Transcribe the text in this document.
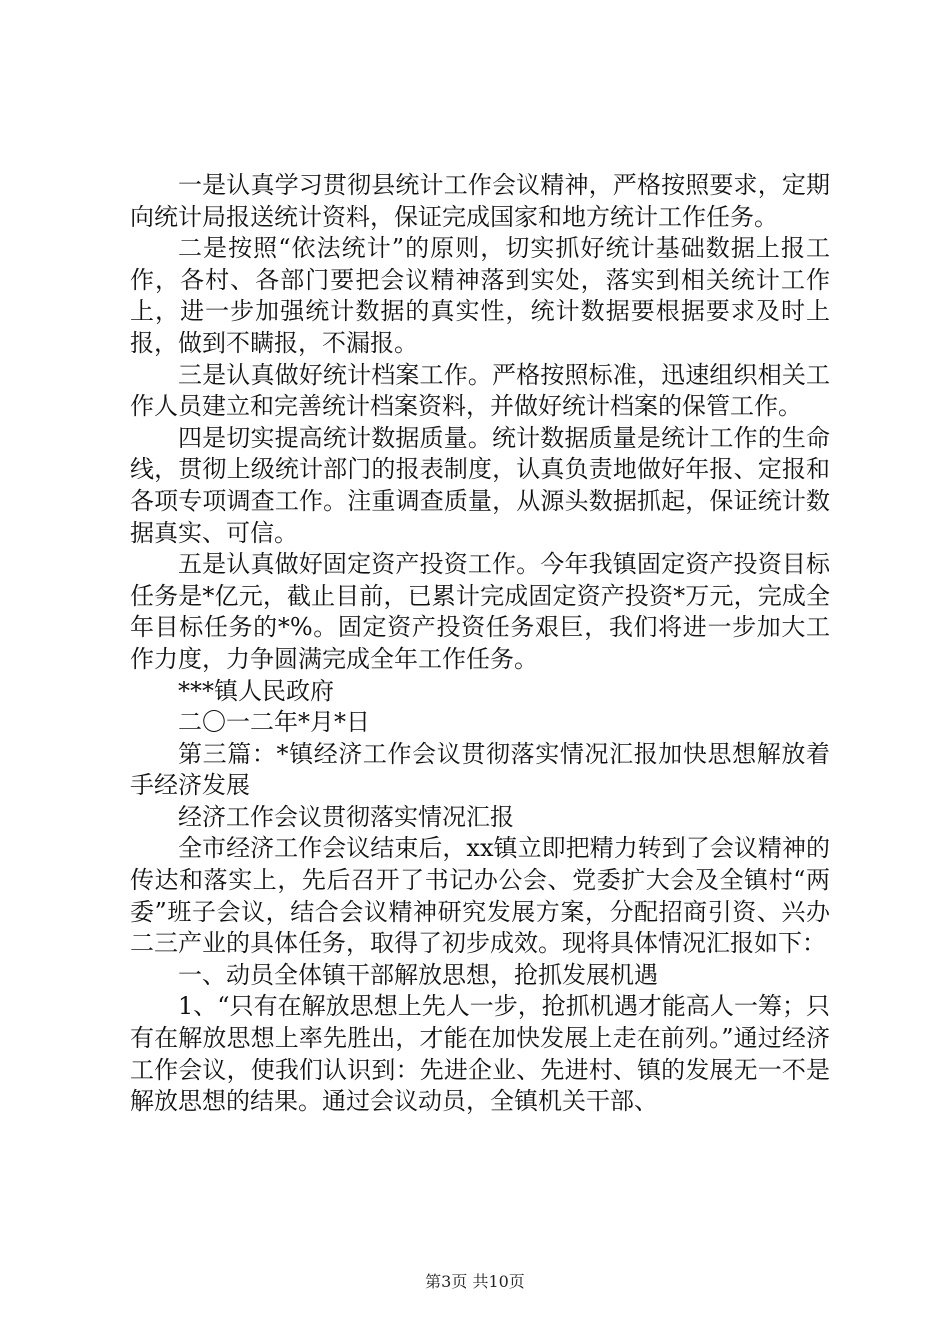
一是认真学习贯彻县统计工作会议精神，严格按照要求，定期向统计局报送统计资料，保证完成国家和地方统计工作任务。

二是按照“依法统计”的原则，切实抓好统计基础数据上报工作，各村、各部门要把会议精神落到实处，落实到相关统计工作上，进一步加强统计数据的真实性，统计数据要根据要求及时上报，做到不瞒报，不漏报。

三是认真做好统计档案工作。严格按照标准，迅速组织相关工作人员建立和完善统计档案资料，并做好统计档案的保管工作。

四是切实提高统计数据质量。统计数据质量是统计工作的生命线，贯彻上级统计部门的报表制度，认真负责地做好年报、定报和各项专项调查工作。注重调查质量，从源头数据抓起，保证统计数据真实、可信。

五是认真做好固定资产投资工作。今年我镇固定资产投资目标任务是*亿元，截止目前，已累计完成固定资产投资*万元，完成全年目标任务的*%。固定资产投资任务艰巨，我们将进一步加大工作力度，力争圆满完成全年工作任务。

***镇人民政府

二〇一二年*月*日

第三篇：*镇经济工作会议贯彻落实情况汇报加快思想解放着手经济发展

经济工作会议贯彻落实情况汇报

全市经济工作会议结束后，xx镇立即把精力转到了会议精神的传达和落实上，先后召开了书记办公会、党委扩大会及全镇村“两委”班子会议，结合会议精神研究发展方案，分配招商引资、兴办二三产业的具体任务，取得了初步成效。现将具体情况汇报如下：

一、动员全体镇干部解放思想，抢抓发展机遇

1、“只有在解放思想上先人一步，抢抓机遇才能高人一筹；只有在解放思想上率先胜出，才能在加快发展上走在前列。”通过经济工作会议，使我们认识到：先进企业、先进村、镇的发展无一不是解放思想的结果。通过会议动员，全镇机关干部、

第3页 共10页
